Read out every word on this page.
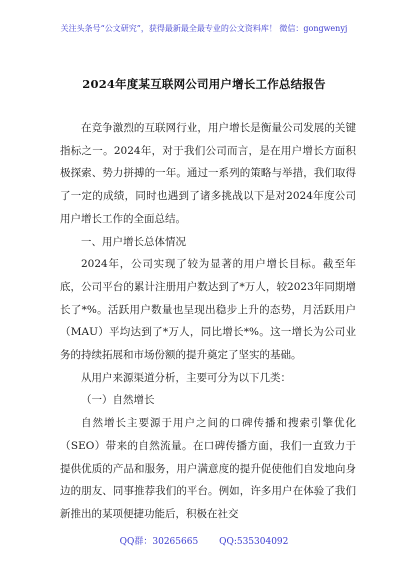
关注头条号“公文研究”，获得最新最全最专业的公文资料库！ 微信：gongwenyj
2024年度某互联网公司用户增长工作总结报告

在竞争激烈的互联网行业，用户增长是衡量公司发展的关键指标之一。2024年，对于我们公司而言，是在用户增长方面积极探索、势力拼搏的一年。通过一系列的策略与举措，我们取得了一定的成绩，同时也遇到了诸多挑战以下是对2024年度公司用户增长工作的全面总结。

一、用户增长总体情况

2024年，公司实现了较为显著的用户增长目标。截至年底，公司平台的累计注册用户数达到了*万人，较2023年同期增长了*%。活跃用户数量也呈现出稳步上升的态势，月活跃用户（MAU）平均达到了*万人，同比增长*%。这一增长为公司业务的持续拓展和市场份额的提升奠定了坚实的基础。

从用户来源渠道分析，主要可分为以下几类：

（一）自然增长

自然增长主要源于用户之间的口碑传播和搜索引擎优化（SEO）带来的自然流量。在口碑传播方面，我们一直致力于提供优质的产品和服务，用户满意度的提升促使他们自发地向身边的朋友、同事推荐我们的平台。例如，许多用户在体验了我们新推出的某项便捷功能后，积极在社交

QQ群：30265665 QQ:535304092
